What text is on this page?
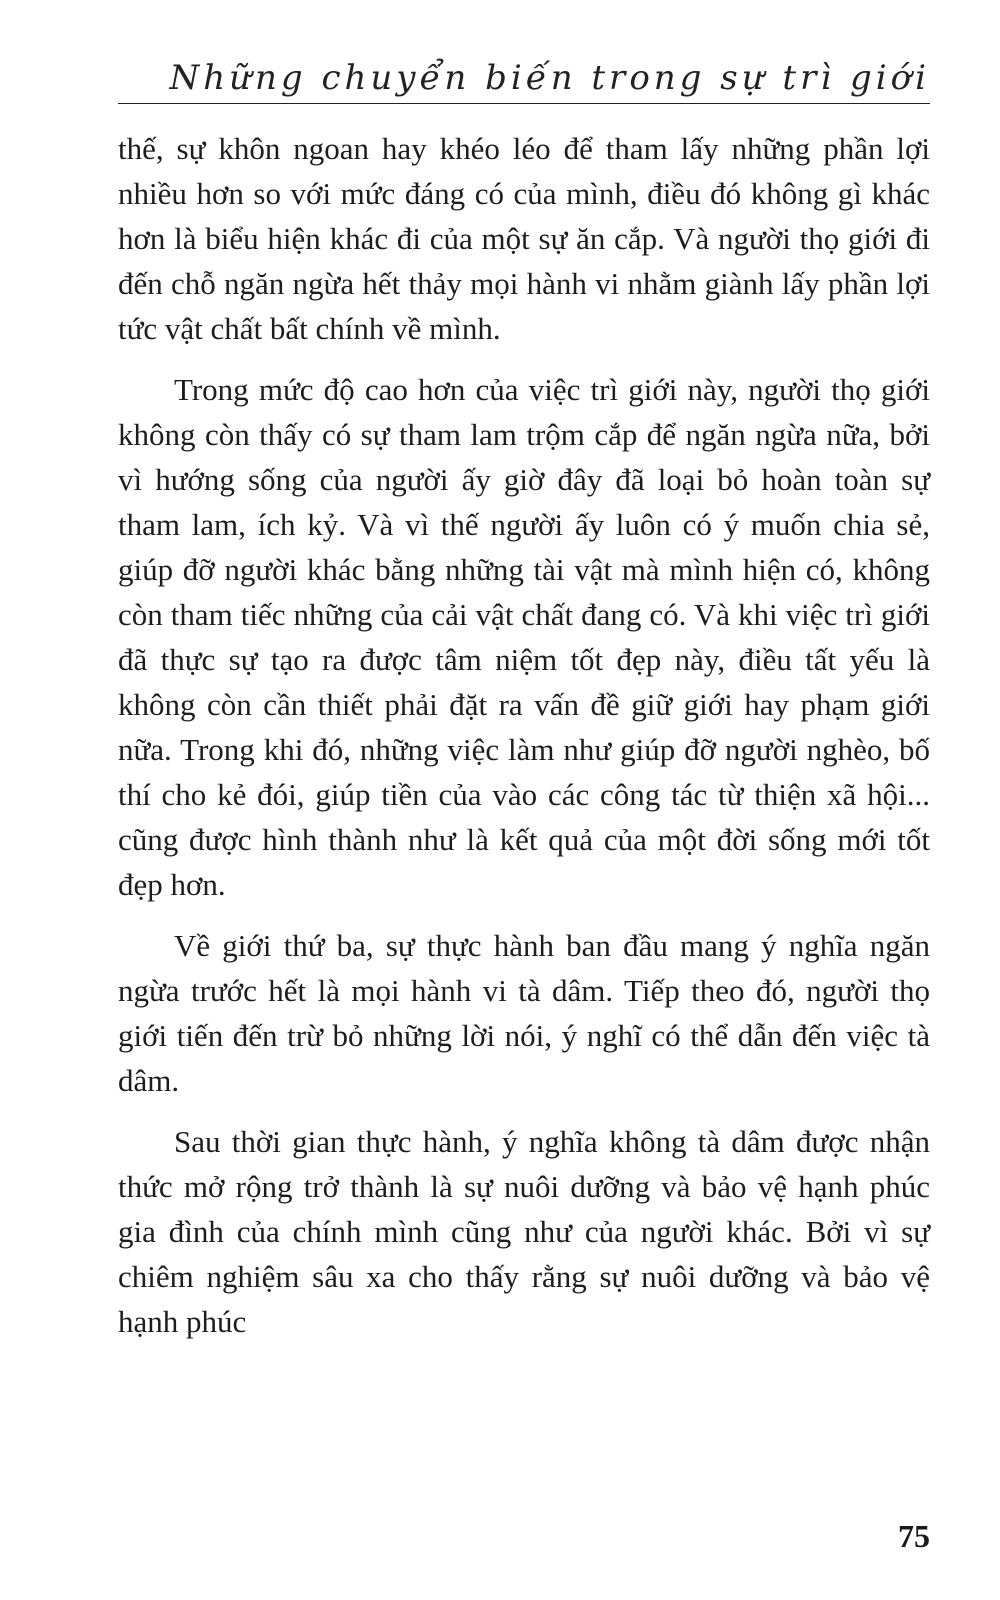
Những chuyển biến trong sự trì giới

thế, sự khôn ngoan hay khéo léo để tham lấy những phần lợi nhiều hơn so với mức đáng có của mình, điều đó không gì khác hơn là biểu hiện khác đi của một sự ăn cắp. Và người thọ giới đi đến chỗ ngăn ngừa hết thảy mọi hành vi nhằm giành lấy phần lợi tức vật chất bất chính về mình.

Trong mức độ cao hơn của việc trì giới này, người thọ giới không còn thấy có sự tham lam trộm cắp để ngăn ngừa nữa, bởi vì hướng sống của người ấy giờ đây đã loại bỏ hoàn toàn sự tham lam, ích kỷ. Và vì thế người ấy luôn có ý muốn chia sẻ, giúp đỡ người khác bằng những tài vật mà mình hiện có, không còn tham tiếc những của cải vật chất đang có. Và khi việc trì giới đã thực sự tạo ra được tâm niệm tốt đẹp này, điều tất yếu là không còn cần thiết phải đặt ra vấn đề giữ giới hay phạm giới nữa. Trong khi đó, những việc làm như giúp đỡ người nghèo, bố thí cho kẻ đói, giúp tiền của vào các công tác từ thiện xã hội... cũng được hình thành như là kết quả của một đời sống mới tốt đẹp hơn.

Về giới thứ ba, sự thực hành ban đầu mang ý nghĩa ngăn ngừa trước hết là mọi hành vi tà dâm. Tiếp theo đó, người thọ giới tiến đến trừ bỏ những lời nói, ý nghĩ có thể dẫn đến việc tà dâm.

Sau thời gian thực hành, ý nghĩa không tà dâm được nhận thức mở rộng trở thành là sự nuôi dưỡng và bảo vệ hạnh phúc gia đình của chính mình cũng như của người khác. Bởi vì sự chiêm nghiệm sâu xa cho thấy rằng sự nuôi dưỡng và bảo vệ hạnh phúc

75
